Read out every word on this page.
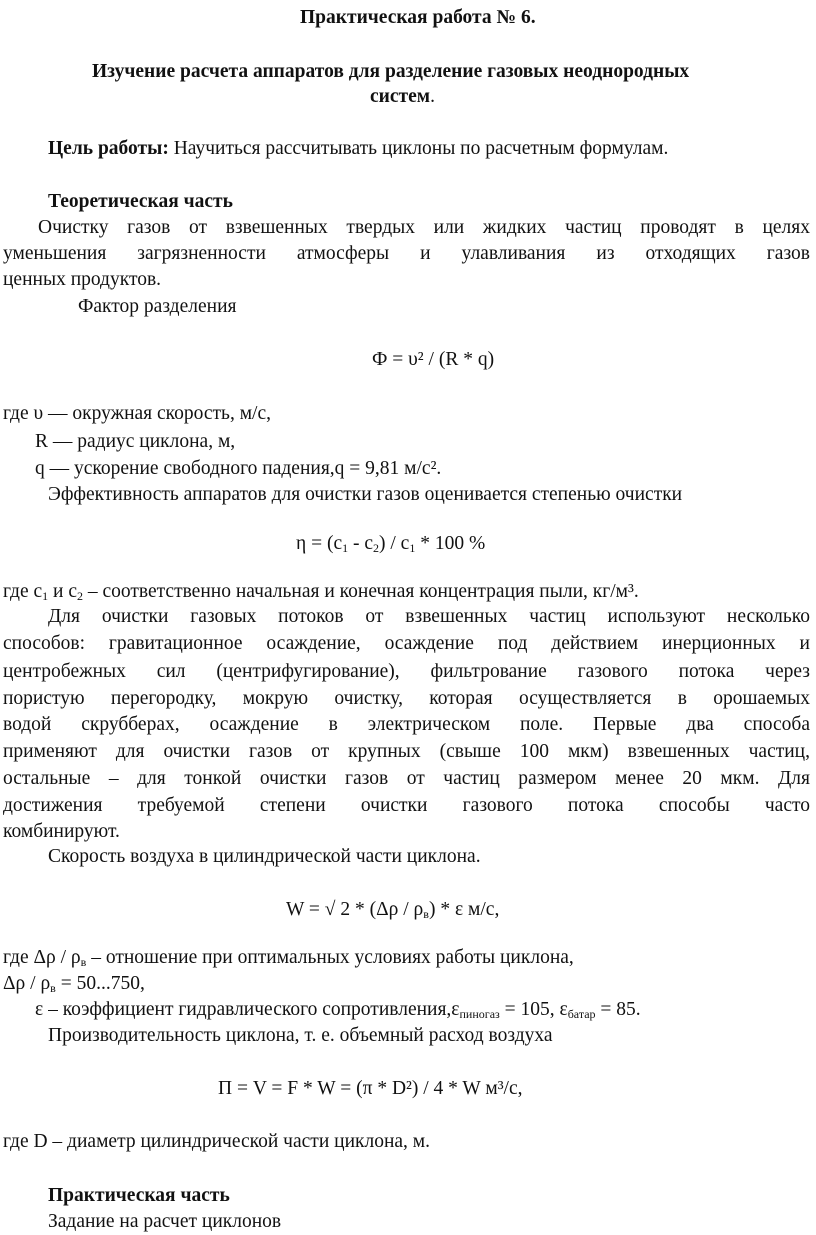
Практическая работа № 6.
Изучение расчета аппаратов для разделение газовых неоднородных
систем.
Цель работы: Научиться рассчитывать циклоны по расчетным формулам.
Теоретическая часть
Очистку газов от взвешенных твердых или жидких частиц проводят в целях
уменьшения загрязненности атмосферы и улавливания из отходящих газов
ценных продуктов.
Фактор разделения
Ф = υ² / (R * q)
где υ — окружная скорость, м/с,
R — радиус циклона, м,
q — ускорение свободного падения,q = 9,81 м/с².
Эффективность аппаратов для очистки газов оценивается степенью очистки
$\eta = (c_1 - c_2) / c_1 * 100$ %
где $c_1$ и $c_2$ – соответственно начальная и конечная концентрация пыли, кг/м³.
Для очистки газовых потоков от взвешенных частиц используют несколько
способов: гравитационное осаждение, осаждение под действием инерционных и
центробежных сил (центрифугирование), фильтрование газового потока через
пористую перегородку, мокрую очистку, которая осуществляется в орошаемых
водой скрубберах, осаждение в электрическом поле. Первые два способа
применяют для очистки газов от крупных (свыше 100 мкм) взвешенных частиц,
остальные – для тонкой очистки газов от частиц размером менее 20 мкм. Для
достижения требуемой степени очистки газового потока способы часто
комбинируют.
Скорость воздуха в цилиндрической части циклона.
W = √ $2 * (\Delta\rho / \rho_в)$ * ε м/с,
где Δρ / $\rho_в$ – отношение при оптимальных условиях работы циклона,
$\Delta\rho / \rho_в = 50...750$,
ε – коэффициент гидравлического $сопротивления,\varepsilon_{пиногаз} = 105$, $\varepsilon_{батар} = 85$.
Производительность циклона, т. е. объемный расход воздуха
П = V = F * W = (π * D²) / 4 * W м³/с,
где D – диаметр цилиндрической части циклона, м.
Практическая часть
Задание на расчет циклонов
